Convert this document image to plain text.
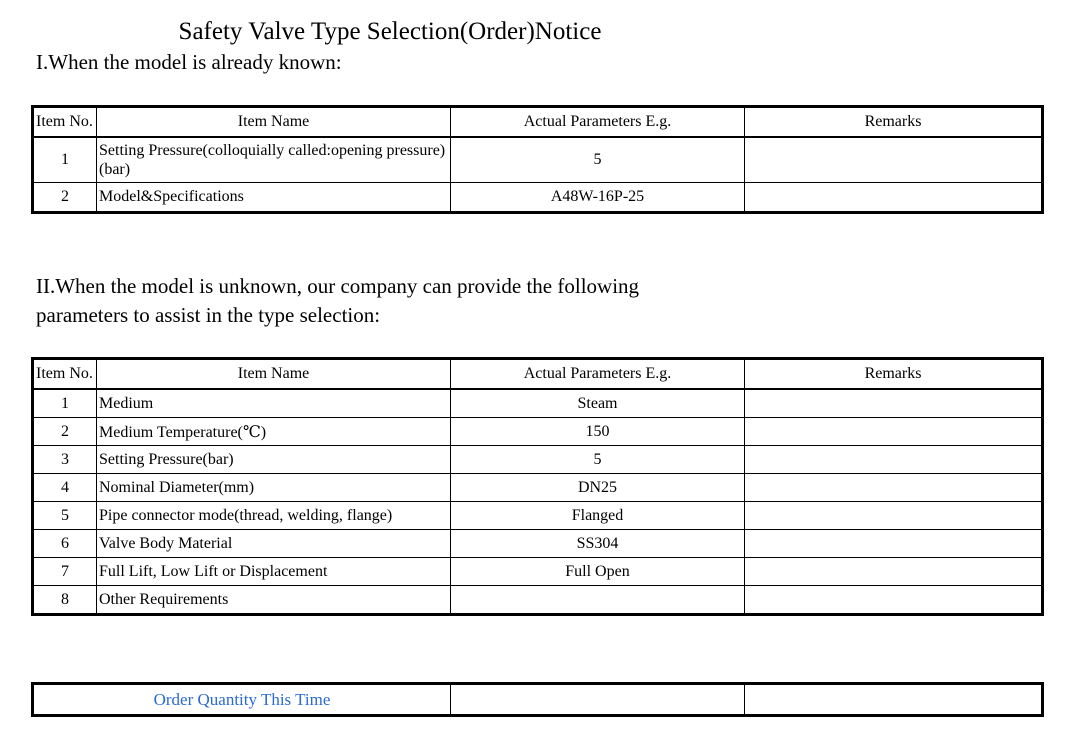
Safety Valve Type Selection(Order)Notice
I.When the model is already known:
Item No.	Item Name	Actual Parameters E.g.	Remarks
1	Setting Pressure(colloquially called:opening pressure)(bar)	5	
2	Model&Specifications	A48W-16P-25	
II.When the model is unknown, our company can provide the following parameters to assist in the type selection:
Item No.	Item Name	Actual Parameters E.g.	Remarks
1	Medium	Steam	
2	Medium Temperature(℃)	150	
3	Setting Pressure(bar)	5	
4	Nominal Diameter(mm)	DN25	
5	Pipe connector mode(thread, welding, flange)	Flanged	
6	Valve Body Material	SS304	
7	Full Lift, Low Lift or Displacement	Full Open	
8	Other Requirements		
Order Quantity This Time		
